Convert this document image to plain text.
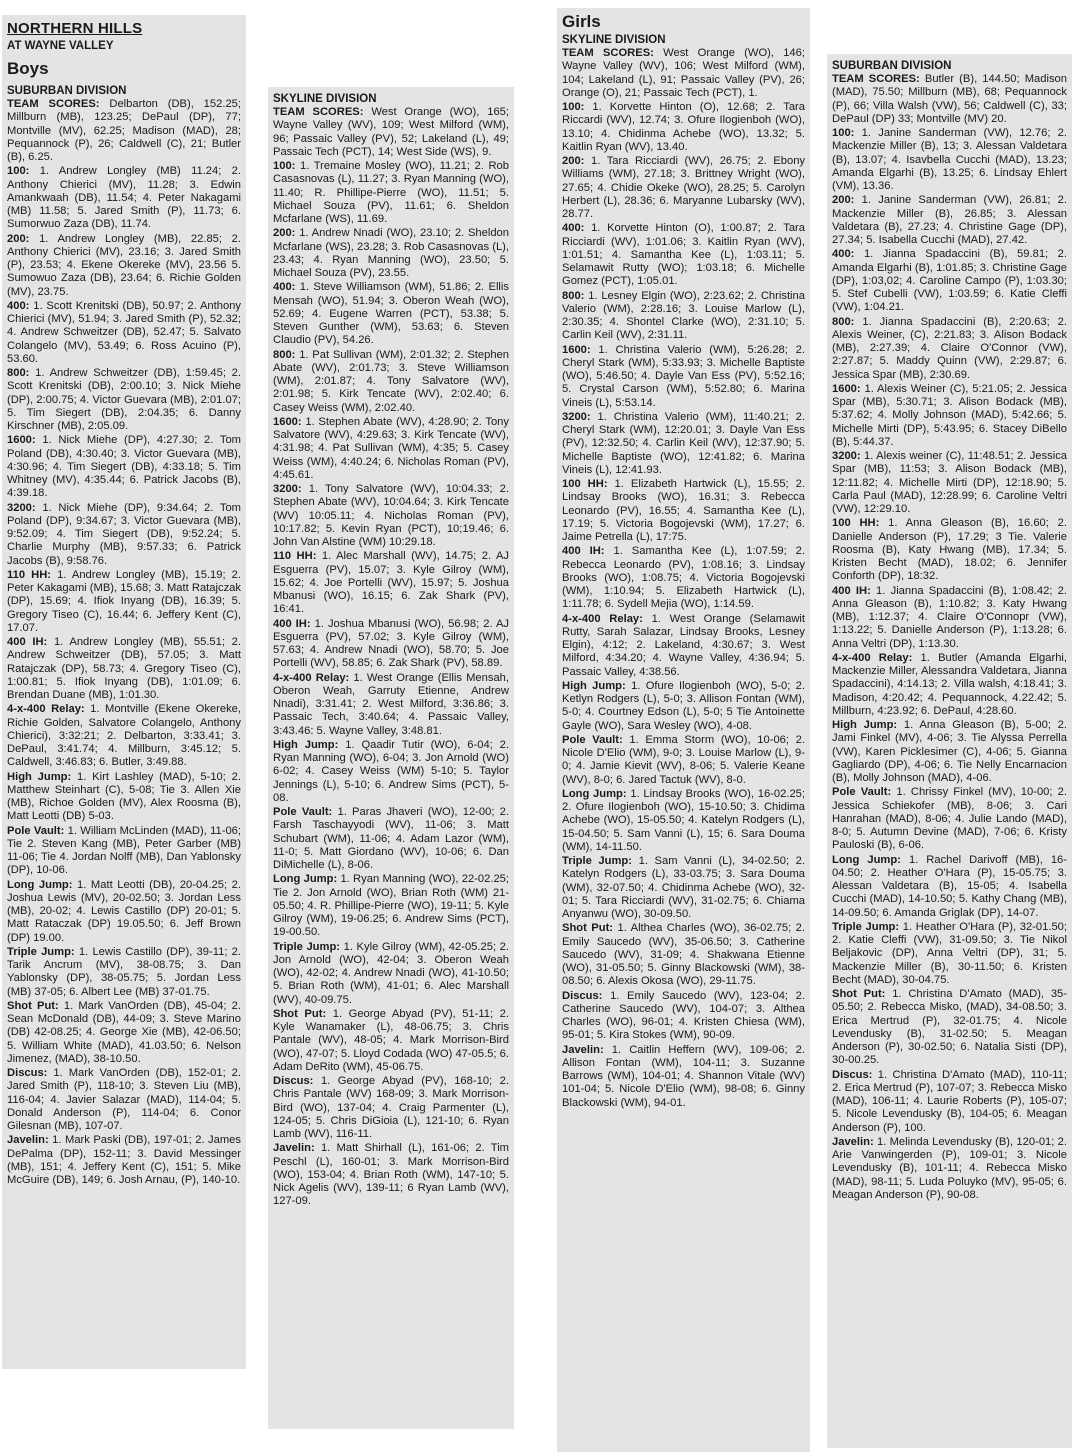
NORTHERN HILLS
AT WAYNE VALLEY
Boys
SUBURBAN DIVISION
TEAM SCORES: Delbarton (DB), 152.25; Millburn (MB), 123.25; DePaul (DP), 77; Montville (MV), 62.25; Madison (MAD), 28; Pequannock (P), 26; Caldwell (C), 21; Butler (B), 6.25.
100: 1. Andrew Longley (MB) 11.24; 2. Anthony Chierici (MV), 11.28; 3. Edwin Amankwaah (DB), 11.54; 4. Peter Nakagami (MB) 11.58; 5. Jared Smith (P), 11.73; 6. Sumorwuo Zaza (DB), 11.74.
200: 1. Andrew Longley (MB), 22.85; 2. Anthony Chierici (MV), 23.16; 3. Jared Smith (P), 23.53; 4. Ekene Okereke (MV), 23.56 5. Sumowuo Zaza (DB), 23.64; 6. Richie Golden (MV), 23.75.
400: 1. Scott Krenitski (DB), 50.97; 2. Anthony Chierici (MV), 51.94; 3. Jared Smith (P), 52.32; 4. Andrew Schweitzer (DB), 52.47; 5. Salvato Colangelo (MV), 53.49; 6. Ross Acuino (P), 53.60.
800: 1. Andrew Schweitzer (DB), 1:59.45; 2. Scott Krenitski (DB), 2:00.10; 3. Nick Miehe (DP), 2:00.75; 4. Victor Guevara (MB), 2:01.07; 5. Tim Siegert (DB), 2:04.35; 6. Danny Kirschner (MB), 2:05.09.
1600: 1. Nick Miehe (DP), 4:27.30; 2. Tom Poland (DB), 4:30.40; 3. Victor Guevara (MB), 4:30.96; 4. Tim Siegert (DB), 4:33.18; 5. Tim Whitney (MV), 4:35.44; 6. Patrick Jacobs (B), 4:39.18.
3200: 1. Nick Miehe (DP), 9:34.64; 2. Tom Poland (DP), 9:34.67; 3. Victor Guevara (MB), 9:52.09; 4. Tim Siegert (DB), 9:52.24; 5. Charlie Murphy (MB), 9:57.33; 6. Patrick Jacobs (B), 9:58.76.
110 HH: 1. Andrew Longley (MB), 15.19; 2. Peter Kakagami (MB), 15.68; 3. Matt Ratajczak (DP), 15.69; 4. Ifiok Inyang (DB), 16.39; 5. Gregory Tiseo (C), 16.44; 6. Jeffery Kent (C), 17.07.
400 IH: 1. Andrew Longley (MB), 55.51; 2. Andrew Schweitzer (DB), 57.05; 3. Matt Ratajczak (DP), 58.73; 4. Gregory Tiseo (C), 1:00.81; 5. Ifiok Inyang (DB), 1:01.09; 6. Brendan Duane (MB), 1:01.30.
4-x-400 Relay: 1. Montville (Ekene Okereke, Richie Golden, Salvatore Colangelo, Anthony Chierici), 3:32:21; 2. Delbarton, 3:33.41; 3. DePaul, 3:41.74; 4. Millburn, 3:45.12; 5. Caldwell, 3:46.83; 6. Butler, 3:49.88.
High Jump: 1. Kirt Lashley (MAD), 5-10; 2. Matthew Steinhart (C), 5-08; Tie 3. Allen Xie (MB), Richoe Golden (MV), Alex Roosma (B), Matt Leotti (DB) 5-03.
Pole Vault: 1. William McLinden (MAD), 11-06; Tie 2. Steven Kang (MB), Peter Garber (MB) 11-06; Tie 4. Jordan Nolff (MB), Dan Yablonsky (DP), 10-06.
Long Jump: 1. Matt Leotti (DB), 20-04.25; 2. Joshua Lewis (MV), 20-02.50; 3. Jordan Less (MB), 20-02; 4. Lewis Castillo (DP) 20-01; 5. Matt Rataczak (DP) 19.05.50; 6. Jeff Brown (DP) 19.00.
Triple Jump: 1. Lewis Castillo (DP), 39-11; 2. Tarik Ancrum (MV), 38-08.75; 3. Dan Yablonsky (DP), 38-05.75; 5. Jordan Less (MB) 37-05; 6. Albert Lee (MB) 37-01.75.
Shot Put: 1. Mark VanOrden (DB), 45-04; 2. Sean McDonald (DB), 44-09; 3. Steve Marino (DB) 42-08.25; 4. George Xie (MB), 42-06.50; 5. William White (MAD), 41.03.50; 6. Nelson Jimenez, (MAD), 38-10.50.
Discus: 1. Mark VanOrden (DB), 152-01; 2. Jared Smith (P), 118-10; 3. Steven Liu (MB), 116-04; 4. Javier Salazar (MAD), 114-04; 5. Donald Anderson (P), 114-04; 6. Conor Gilesnan (MB), 107-07.
Javelin: 1. Mark Paski (DB), 197-01; 2. James DePalma (DP), 152-11; 3. David Messinger (MB), 151; 4. Jeffery Kent (C), 151; 5. Mike McGuire (DB), 149; 6. Josh Arnau, (P), 140-10.
SKYLINE DIVISION
TEAM SCORES: West Orange (WO), 165; Wayne Valley (WV), 109; West Milford (WM), 96; Passaic Valley (PV), 52; Lakeland (L), 49; Passaic Tech (PCT), 14; West Side (WS), 9.
100: 1. Tremaine Mosley (WO), 11.21; 2. Rob Casasnovas (L), 11.27; 3. Ryan Manning (WO), 11.40; R. Phillipe-Pierre (WO), 11.51; 5. Michael Souza (PV), 11.61; 6. Sheldon Mcfarlane (WS), 11.69.
200: 1. Andrew Nnadi (WO), 23.10; 2. Sheldon Mcfarlane (WS), 23.28; 3. Rob Casasnovas (L), 23.43; 4. Ryan Manning (WO), 23.50; 5. Michael Souza (PV), 23.55.
400: 1. Steve Williamson (WM), 51.86; 2. Ellis Mensah (WO), 51.94; 3. Oberon Weah (WO), 52.69; 4. Eugene Warren (PCT), 53.38; 5. Steven Gunther (WM), 53.63; 6. Steven Claudio (PV), 54.26.
800: 1. Pat Sullivan (WM), 2:01.32; 2. Stephen Abate (WV), 2:01.73; 3. Steve Williamson (WM), 2:01.87; 4. Tony Salvatore (WV), 2:01.98; 5. Kirk Tencate (WV), 2:02.40; 6. Casey Weiss (WM), 2:02.40.
1600: 1. Stephen Abate (WV), 4:28.90; 2. Tony Salvatore (WV), 4:29.63; 3. Kirk Tencate (WV), 4:31.98; 4. Pat Sullivan (WM), 4:35; 5. Casey Weiss (WM), 4:40.24; 6. Nicholas Roman (PV), 4:45.61.
3200: 1. Tony Salvatore (WV), 10:04.33; 2. Stephen Abate (WV), 10:04.64; 3. Kirk Tencate (WV) 10:05.11; 4. Nicholas Roman (PV), 10:17.82; 5. Kevin Ryan (PCT), 10;19.46; 6. John Van Alstine (WM) 10:29.18.
110 HH: 1. Alec Marshall (WV), 14.75; 2. AJ Esguerra (PV), 15.07; 3. Kyle Gilroy (WM), 15.62; 4. Joe Portelli (WV), 15.97; 5. Joshua Mbanusi (WO), 16.15; 6. Zak Shark (PV), 16:41.
400 IH: 1. Joshua Mbanusi (WO), 56.98; 2. AJ Esguerra (PV), 57.02; 3. Kyle Gilroy (WM), 57.63; 4. Andrew Nnadi (WO), 58.70; 5. Joe Portelli (WV), 58.85; 6. Zak Shark (PV), 58.89.
4-x-400 Relay: 1. West Orange (Ellis Mensah, Oberon Weah, Garruty Etienne, Andrew Nnadi), 3:31.41; 2. West Milford, 3:36.86; 3. Passaic Tech, 3:40.64; 4. Passaic Valley, 3:43.46: 5. Wayne Valley, 3:48.81.
High Jump: 1. Qaadir Tutir (WO), 6-04; 2. Ryan Manning (WO), 6-04; 3. Jon Arnold (WO) 6-02; 4. Casey Weiss (WM) 5-10; 5. Taylor Jennings (L), 5-10; 6. Andrew Sims (PCT), 5-08.
Pole Vault: 1. Paras Jhaveri (WO), 12-00; 2. Farsh Taschayyodi (WV), 11-06; 3. Matt Schubart (WM), 11-06; 4. Adam Lazor (WM), 11-0; 5. Matt Giordano (WV), 10-06; 6. Dan DiMichelle (L), 8-06.
Long Jump: 1. Ryan Manning (WO), 22-02.25; Tie 2. Jon Arnold (WO), Brian Roth (WM) 21-05.50; 4. R. Phillipe-Pierre (WO), 19-11; 5. Kyle Gilroy (WM), 19-06.25; 6. Andrew Sims (PCT), 19-00.50.
Triple Jump: 1. Kyle Gilroy (WM), 42-05.25; 2. Jon Arnold (WO), 42-04; 3. Oberon Weah (WO), 42-02; 4. Andrew Nnadi (WO), 41-10.50; 5. Brian Roth (WM), 41-01; 6. Alec Marshall (WV), 40-09.75.
Shot Put: 1. George Abyad (PV), 51-11; 2. Kyle Wanamaker (L), 48-06.75; 3. Chris Pantale (WV), 48-05; 4. Mark Morrison-Bird (WO), 47-07; 5. Lloyd Codada (WO) 47-05.5; 6. Adam DeRito (WM), 45-06.75.
Discus: 1. George Abyad (PV), 168-10; 2. Chris Pantale (WV) 168-09; 3. Mark Morrison-Bird (WO), 137-04; 4. Craig Parmenter (L), 124-05; 5. Chris DiGioia (L), 121-10; 6. Ryan Lamb (WV), 116-11.
Javelin: 1. Matt Shirhall (L), 161-06; 2. Tim Peschl (L), 160-01; 3. Mark Morrison-Bird (WO), 153-04; 4. Brian Roth (WM), 147-10; 5. Nick Agelis (WV), 139-11; 6 Ryan Lamb (WV), 127-09.
Girls
SKYLINE DIVISION
TEAM SCORES: West Orange (WO), 146; Wayne Valley (WV), 106; West Milford (WM), 104; Lakeland (L), 91; Passaic Valley (PV), 26; Orange (O), 21; Passaic Tech (PCT), 1.
100: 1. Korvette Hinton (O), 12.68; 2. Tara Riccardi (WV), 12.74; 3. Ofure Ilogienboh (WO), 13.10; 4. Chidinma Achebe (WO), 13.32; 5. Kaitlin Ryan (WV), 13.40.
200: 1. Tara Ricciardi (WV), 26.75; 2. Ebony Williams (WM), 27.18; 3. Brittney Wright (WO), 27.65; 4. Chidie Okeke (WO), 28.25; 5. Carolyn Herbert (L), 28.36; 6. Maryanne Lubarsky (WV), 28.77.
400: 1. Korvette Hinton (O), 1:00.87; 2. Tara Ricciardi (WV), 1:01.06; 3. Kaitlin Ryan (WV), 1:01.51; 4. Samantha Kee (L), 1:03.11; 5. Selamawit Rutty (WO); 1:03.18; 6. Michelle Gomez (PCT), 1:05.01.
800: 1. Lesney Elgin (WO), 2:23.62; 2. Christina Valerio (WM), 2:28.16; 3. Louise Marlow (L), 2:30.35; 4. Shontel Clarke (WO), 2:31.10; 5. Carlin Keil (WV), 2:31.11.
1600: 1. Christina Valerio (WM), 5:26.28; 2. Cheryl Stark (WM), 5:33.93; 3. Michelle Baptiste (WO), 5:46.50; 4. Dayle Van Ess (PV), 5:52.16; 5. Crystal Carson (WM), 5:52.80; 6. Marina Vineis (L), 5:53.14.
3200: 1. Christina Valerio (WM), 11:40.21; 2. Cheryl Stark (WM), 12:20.01; 3. Dayle Van Ess (PV), 12:32.50; 4. Carlin Keil (WV), 12:37.90; 5. Michelle Baptiste (WO), 12:41.82; 6. Marina Vineis (L), 12:41.93.
100 HH: 1. Elizabeth Hartwick (L), 15.55; 2. Lindsay Brooks (WO), 16.31; 3. Rebecca Leonardo (PV), 16.55; 4. Samantha Kee (L), 17.19; 5. Victoria Bogojevski (WM), 17.27; 6. Jaime Petrella (L), 17:75.
400 IH: 1. Samantha Kee (L), 1:07.59; 2. Rebecca Leonardo (PV), 1:08.16; 3. Lindsay Brooks (WO), 1:08.75; 4. Victoria Bogojevski (WM), 1:10.94; 5. Elizabeth Hartwick (L), 1:11.78; 6. Sydell Mejia (WO), 1:14.59.
4-x-400 Relay: 1. West Orange (Selamawit Rutty, Sarah Salazar, Lindsay Brooks, Lesney Elgin), 4:12; 2. Lakeland, 4:30.67; 3. West Milford, 4:34.20; 4. Wayne Valley, 4:36.94; 5. Passaic Valley, 4:38.56.
High Jump: 1. Ofure Ilogienboh (WO), 5-0; 2. Ketlyn Rodgers (L), 5-0; 3. Allison Fontan (WM), 5-0; 4. Courtney Edson (L), 5-0; 5 Tie Antoinette Gayle (WO), Sara Wesley (WO), 4-08.
Pole Vault: 1. Emma Storm (WO), 10-06; 2. Nicole D'Elio (WM), 9-0; 3. Louise Marlow (L), 9-0; 4. Jamie Kievit (WV), 8-06; 5. Valerie Keane (WV), 8-0; 6. Jared Tactuk (WV), 8-0.
Long Jump: 1. Lindsay Brooks (WO), 16-02.25; 2. Ofure Ilogienboh (WO), 15-10.50; 3. Chidima Achebe (WO), 15-05.50; 4. Katelyn Rodgers (L), 15-04.50; 5. Sam Vanni (L), 15; 6. Sara Douma (WM), 14-11.50.
Triple Jump: 1. Sam Vanni (L), 34-02.50; 2. Katelyn Rodgers (L), 33-03.75; 3. Sara Douma (WM), 32-07.50; 4. Chidinma Achebe (WO), 32-01; 5. Tara Ricciardi (WV), 31-02.75; 6. Chiama Anyanwu (WO), 30-09.50.
Shot Put: 1. Althea Charles (WO), 36-02.75; 2. Emily Saucedo (WV), 35-06.50; 3. Catherine Saucedo (WV), 31-09; 4. Shakwana Etienne (WO), 31-05.50; 5. Ginny Blackowski (WM), 38-08.50; 6. Alexis Okosa (WO), 29-11.75.
Discus: 1. Emily Saucedo (WV), 123-04; 2. Catherine Saucedo (WV), 104-07; 3. Althea Charles (WO), 96-01; 4. Kristen Chiesa (WM), 95-01; 5. Kira Stokes (WM), 90-09.
Javelin: 1. Caitlin Heffern (WV), 109-06; 2. Allison Fontan (WM), 104-11; 3. Suzanne Barrows (WM), 104-01; 4. Shannon Vitale (WV) 101-04; 5. Nicole D'Elio (WM), 98-08; 6. Ginny Blackowski (WM), 94-01.
SUBURBAN DIVISION
TEAM SCORES: Butler (B), 144.50; Madison (MAD), 75.50; Millburn (MB), 68; Pequannock (P), 66; Villa Walsh (VW), 56; Caldwell (C), 33; DePaul (DP) 33; Montville (MV) 20.
100: 1. Janine Sanderman (VW), 12.76; 2. Mackenzie Miller (B), 13; 3. Alessan Valdetara (B), 13.07; 4. Isavbella Cucchi (MAD), 13.23; Amanda Elgarhi (B), 13.25; 6. Lindsay Ehlert (VM), 13.36.
200: 1. Janine Sanderman (VW), 26.81; 2. Mackenzie Miller (B), 26.85; 3. Alessan Valdetara (B), 27.23; 4. Christine Gage (DP), 27.34; 5. Isabella Cucchi (MAD), 27.42.
400: 1. Jianna Spadaccini (B), 59.81; 2. Amanda Elgarhi (B), 1:01.85; 3. Christine Gage (DP), 1:03,02; 4. Caroline Campo (P), 1:03.30; 5. Stef Cubelli (VW), 1:03.59; 6. Katie Cleffi (VW), 1:04.21.
800: 1. Jianna Spadaccini (B), 2:20.63; 2. Alexis Weiner, (C), 2:21.83; 3. Alison Bodack (MB), 2:27.39; 4. Claire O'Connor (VW), 2:27.87; 5. Maddy Quinn (VW), 2:29.87; 6. Jessica Spar (MB), 2:30.69.
1600: 1. Alexis Weiner (C), 5:21.05; 2. Jessica Spar (MB), 5:30.71; 3. Alison Bodack (MB), 5:37.62; 4. Molly Johnson (MAD), 5:42.66; 5. Michelle Mirti (DP), 5:43.95; 6. Stacey DiBello (B), 5:44.37.
3200: 1. Alexis weiner (C), 11:48.51; 2. Jessica Spar (MB), 11:53; 3. Alison Bodack (MB), 12:11.82; 4. Michelle Mirti (DP), 12:18.90; 5. Carla Paul (MAD), 12:28.99; 6. Caroline Veltri (VW), 12:29.10.
100 HH: 1. Anna Gleason (B), 16.60; 2. Danielle Anderson (P), 17.29; 3 Tie. Valerie Roosma (B), Katy Hwang (MB), 17.34; 5. Kristen Becht (MAD), 18.02; 6. Jennifer Conforth (DP), 18:32.
400 IH: 1. Jianna Spadaccini (B), 1:08.42; 2. Anna Gleason (B), 1:10.82; 3. Katy Hwang (MB), 1:12.37; 4. Claire O'Connopr (VW), 1:13.22; 5. Danielle Anderson (P), 1:13.28; 6. Anna Veltri (DP), 1:13.30.
4-x-400 Relay: 1. Butler (Amanda Elgarhi, Mackenzie Miller, Alessandra Valdetara, Jianna Spadaccini), 4:14.13; 2. Villa walsh, 4:18.41; 3. Madison, 4:20.42; 4. Pequannock, 4.22.42; 5. Millburn, 4:23.92; 6. DePaul, 4:28.60.
High Jump: 1. Anna Gleason (B), 5-00; 2. Jami Finkel (MV), 4-06; 3. Tie Alyssa Perrella (VW), Karen Picklesimer (C), 4-06; 5. Gianna Gagliardo (DP), 4-06; 6. Tie Nelly Encarnacion (B), Molly Johnson (MAD), 4-06.
Pole Vault: 1. Chrissy Finkel (MV), 10-00; 2. Jessica Schiekofer (MB), 8-06; 3. Cari Hanrahan (MAD), 8-06; 4. Julie Lando (MAD), 8-0; 5. Autumn Devine (MAD), 7-06; 6. Kristy Pauloski (B), 6-06.
Long Jump: 1. Rachel Darivoff (MB), 16-04.50; 2. Heather O'Hara (P), 15-05.75; 3. Alessan Valdetara (B), 15-05; 4. Isabella Cucchi (MAD), 14-10.50; 5. Kathy Chang (MB), 14-09.50; 6. Amanda Griglak (DP), 14-07.
Triple Jump: 1. Heather O'Hara (P), 32-01.50; 2. Katie Cleffi (VW), 31-09.50; 3. Tie Nikol Beljakovic (DP), Anna Veltri (DP), 31; 5. Mackenzie Miller (B), 30-11.50; 6. Kristen Becht (MAD), 30-04.75.
Shot Put: 1. Christina D'Amato (MAD), 35-05.50; 2. Rebecca Misko, (MAD), 34-08.50; 3. Erica Mertrud (P), 32-01.75; 4. Nicole Levendusky (B), 31-02.50; 5. Meagan Anderson (P), 30-02.50; 6. Natalia Sisti (DP), 30-00.25.
Discus: 1. Christina D'Amato (MAD), 110-11; 2. Erica Mertrud (P), 107-07; 3. Rebecca Misko (MAD), 106-11; 4. Laurie Roberts (P), 105-07; 5. Nicole Levendusky (B), 104-05; 6. Meagan Anderson (P), 100.
Javelin: 1. Melinda Levendusky (B), 120-01; 2. Arie Vanwingerden (P), 109-01; 3. Nicole Levendusky (B), 101-11; 4. Rebecca Misko (MAD), 98-11; 5. Luda Poluyko (MV), 95-05; 6. Meagan Anderson (P), 90-08.
